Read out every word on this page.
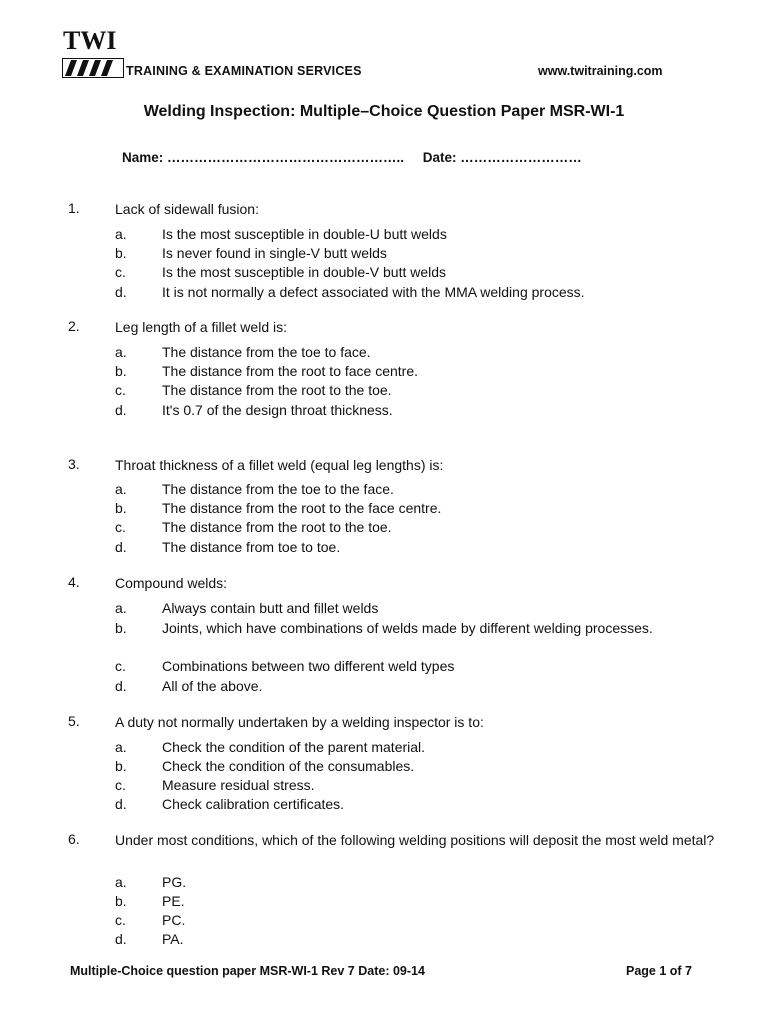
TWI
TRAINING & EXAMINATION SERVICES	www.twitraining.com
Welding Inspection: Multiple–Choice Question Paper MSR-WI-1
Name: …………………………………………….. Date: ………………………
1.	Lack of sidewall fusion:
a.	Is the most susceptible in double-U butt welds
b.	Is never found in single-V butt welds
c.	Is the most susceptible in double-V butt welds
d.	It is not normally a defect associated with the MMA welding process.
2.	Leg length of a fillet weld is:
a.	The distance from the toe to face.
b.	The distance from the root to face centre.
c.	The distance from the root to the toe.
d.	It's 0.7 of the design throat thickness.
3.	Throat thickness of a fillet weld (equal leg lengths) is:
a.	The distance from the toe to the face.
b.	The distance from the root to the face centre.
c.	The distance from the root to the toe.
d.	The distance from toe to toe.
4.	Compound welds:
a.	Always contain butt and fillet welds
b.	Joints, which have combinations of welds made by different welding processes.
c.	Combinations between two different weld types
d.	All of the above.
5.	A duty not normally undertaken by a welding inspector is to:
a.	Check the condition of the parent material.
b.	Check the condition of the consumables.
c.	Measure residual stress.
d.	Check calibration certificates.
6.	Under most conditions, which of the following welding positions will deposit the most weld metal?
a.	PG.
b.	PE.
c.	PC.
d.	PA.
Multiple-Choice question paper MSR-WI-1 Rev 7 Date: 09-14	Page 1 of 7
